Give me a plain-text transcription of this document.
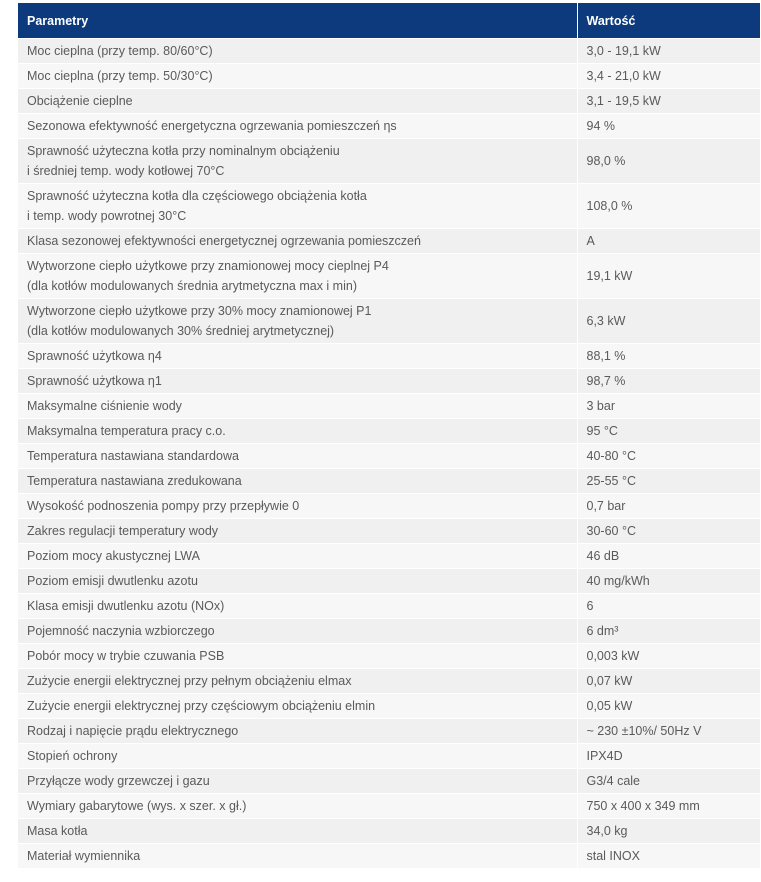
Parametry	Wartość
Moc cieplna (przy temp. 80/60°C)	3,0 - 19,1 kW
Moc cieplna (przy temp. 50/30°C)	3,4 - 21,0 kW
Obciążenie cieplne	3,1 - 19,5 kW
Sezonowa efektywność energetyczna ogrzewania pomieszczeń ηs	94 %

Sprawność użyteczna kotła przy nominalnym obciążeniu
i średniej temp. wody kotłowej 70°C	98,0 %

Sprawność użyteczna kotła dla częściowego obciążenia kotła
i temp. wody powrotnej 30°C	108,0 %
Klasa sezonowej efektywności energetycznej ogrzewania pomieszczeń	A

Wytworzone ciepło użytkowe przy znamionowej mocy cieplnej P4
(dla kotłów modulowanych średnia arytmetyczna max i min)	19,1 kW

Wytworzone ciepło użytkowe przy 30% mocy znamionowej P1
(dla kotłów modulowanych 30% średniej arytmetycznej)	6,3 kW
Sprawność użytkowa η4	88,1 %
Sprawność użytkowa η1	98,7 %
Maksymalne ciśnienie wody	3 bar
Maksymalna temperatura pracy c.o.	95 °C
Temperatura nastawiana standardowa	40-80 °C
Temperatura nastawiana zredukowana	25-55 °C
Wysokość podnoszenia pompy przy przepływie 0	0,7 bar
Zakres regulacji temperatury wody	30-60 °C
Poziom mocy akustycznej LWA	46 dB
Poziom emisji dwutlenku azotu	40 mg/kWh
Klasa emisji dwutlenku azotu (NOx)	6
Pojemność naczynia wzbiorczego	6 dm³
Pobór mocy w trybie czuwania PSB	0,003 kW
Zużycie energii elektrycznej przy pełnym obciążeniu elmax	0,07 kW
Zużycie energii elektrycznej przy częściowym obciążeniu elmin	0,05 kW
Rodzaj i napięcie prądu elektrycznego	~ 230 ±10%/ 50Hz V
Stopień ochrony	IPX4D
Przyłącze wody grzewczej i gazu	G3/4 cale
Wymiary gabarytowe (wys. x szer. x gł.)	750 x 400 x 349 mm
Masa kotła	34,0 kg
Materiał wymiennika	stal INOX
